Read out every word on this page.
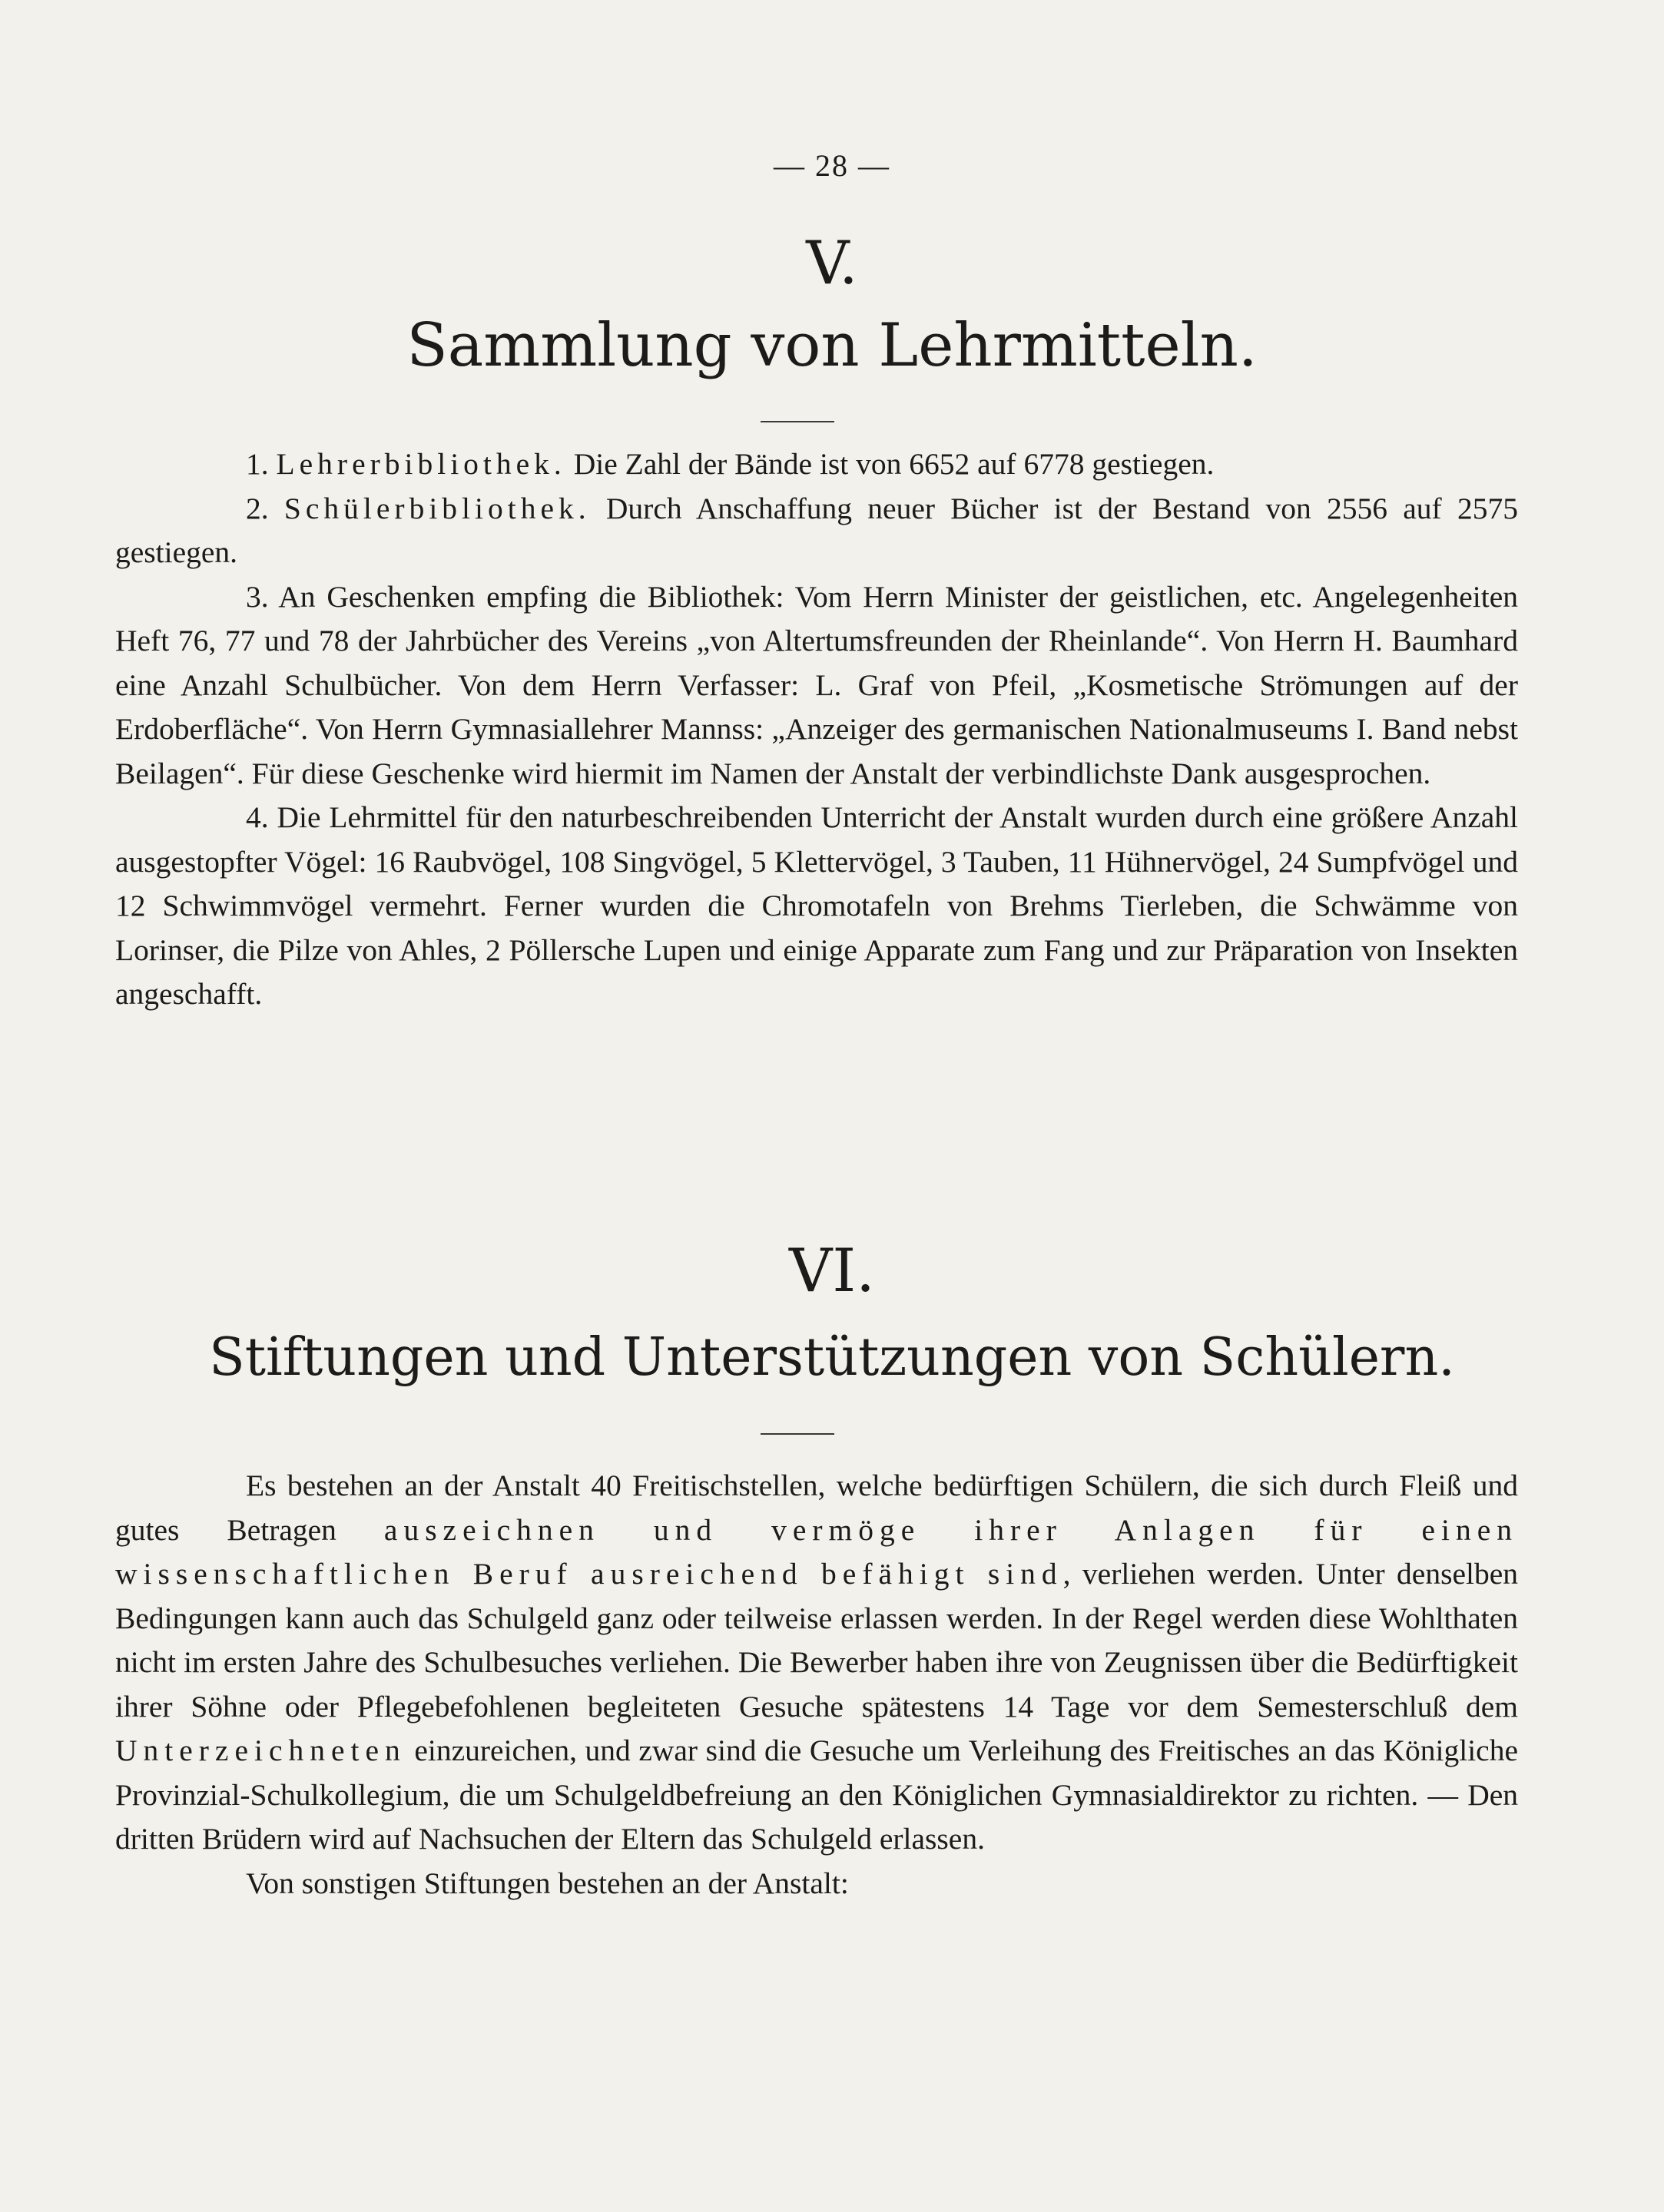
— 28 —
V.
Sammlung von Lehrmitteln.

1. Lehrerbibliothek. Die Zahl der Bände ist von 6652 auf 6778 gestiegen.

2. Schülerbibliothek. Durch Anschaffung neuer Bücher ist der Bestand von 2556 auf 2575 gestiegen.

3. An Geschenken empfing die Bibliothek: Vom Herrn Minister der geistlichen, etc. Angelegenheiten Heft 76, 77 und 78 der Jahrbücher des Vereins „von Altertumsfreunden der Rheinlande“. Von Herrn H. Baumhard eine Anzahl Schulbücher. Von dem Herrn Verfasser: L. Graf von Pfeil, „Kosmetische Strömungen auf der Erdoberfläche“. Von Herrn Gymnasiallehrer Mannss: „Anzeiger des germanischen Nationalmuseums I. Band nebst Beilagen“. Für diese Geschenke wird hiermit im Namen der Anstalt der verbindlichste Dank ausgesprochen.

4. Die Lehrmittel für den naturbeschreibenden Unterricht der Anstalt wurden durch eine größere Anzahl ausgestopfter Vögel: 16 Raubvögel, 108 Singvögel, 5 Klettervögel, 3 Tauben, 11 Hühnervögel, 24 Sumpfvögel und 12 Schwimmvögel vermehrt. Ferner wurden die Chromotafeln von Brehms Tierleben, die Schwämme von Lorinser, die Pilze von Ahles, 2 Pöllersche Lupen und einige Apparate zum Fang und zur Präparation von Insekten angeschafft.

VI.
Stiftungen und Unterstützungen von Schülern.

Es bestehen an der Anstalt 40 Freitischstellen, welche bedürftigen Schülern, die sich durch Fleiß und gutes Betragen auszeichnen und vermöge ihrer Anlagen für einen wissenschaftlichen Beruf ausreichend befähigt sind, verliehen werden. Unter denselben Bedingungen kann auch das Schulgeld ganz oder teilweise erlassen werden. In der Regel werden diese Wohlthaten nicht im ersten Jahre des Schulbesuches verliehen. Die Bewerber haben ihre von Zeugnissen über die Bedürftigkeit ihrer Söhne oder Pflegebefohlenen begleiteten Gesuche spätestens 14 Tage vor dem Semesterschluß dem Unterzeichneten einzureichen, und zwar sind die Gesuche um Verleihung des Freitisches an das Königliche Provinzial-Schulkollegium, die um Schulgeldbefreiung an den Königlichen Gymnasialdirektor zu richten. — Den dritten Brüdern wird auf Nachsuchen der Eltern das Schulgeld erlassen.

Von sonstigen Stiftungen bestehen an der Anstalt:
